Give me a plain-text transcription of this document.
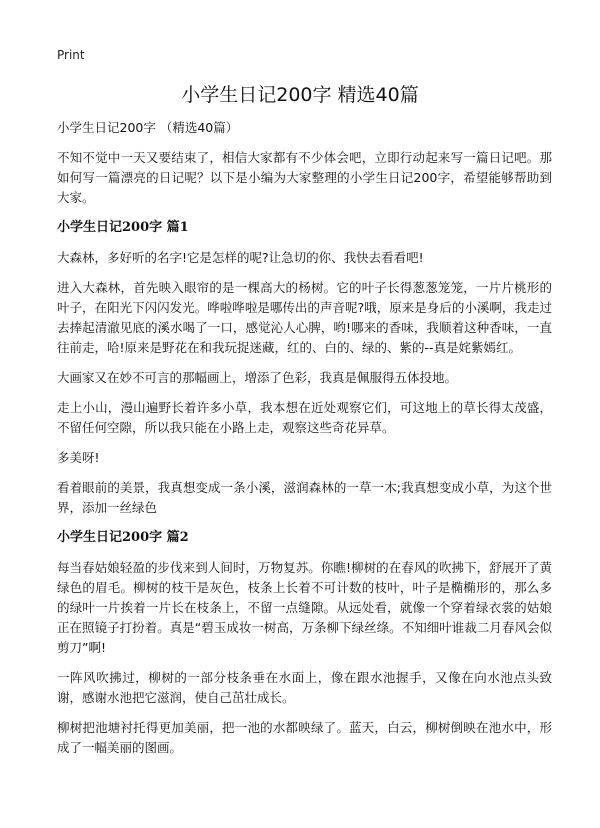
Print
小学生日记200字 精选40篇

小学生日记200字 （精选40篇）

不知不觉中一天又要结束了，相信大家都有不少体会吧，立即行动起来写一篇日记吧。那如何写一篇漂亮的日记呢？以下是小编为大家整理的小学生日记200字，希望能够帮助到大家。

小学生日记200字 篇1

大森林，多好听的名字!它是怎样的呢?让急切的你、我快去看看吧!

进入大森林，首先映入眼帘的是一棵高大的杨树。它的叶子长得葱葱笼笼，一片片桃形的叶子，在阳光下闪闪发光。哗啦哗啦是哪传出的声音呢?哦，原来是身后的小溪啊，我走过去捧起清澈见底的溪水喝了一口，感觉沁人心脾，哟!哪来的香味，我顺着这种香味，一直往前走，哈!原来是野花在和我玩捉迷藏，红的、白的、绿的、紫的--真是姹紫嫣红。

大画家又在妙不可言的那幅画上，增添了色彩，我真是佩服得五体投地。

走上小山，漫山遍野长着许多小草，我本想在近处观察它们，可这地上的草长得太茂盛，不留任何空隙，所以我只能在小路上走，观察这些奇花异草。

多美呀!

看着眼前的美景，我真想变成一条小溪，滋润森林的一草一木;我真想变成小草，为这个世界，添加一丝绿色

小学生日记200字 篇2

每当春姑娘轻盈的步伐来到人间时，万物复苏。你瞧!柳树的在春风的吹拂下，舒展开了黄绿色的眉毛。柳树的枝干是灰色，枝条上长着不可计数的枝叶，叶子是椭椭形的，那么多的绿叶一片挨着一片长在枝条上，不留一点缝隙。从远处看，就像一个穿着绿衣裳的姑娘正在照镜子打扮着。真是“碧玉成妆一树高，万条柳下绿丝绦。不知细叶谁裁二月春风会似剪刀”啊!

一阵风吹拂过，柳树的一部分枝条垂在水面上，像在跟水池握手，又像在向水池点头致谢，感谢水池把它滋润，使自己茁壮成长。

柳树把池塘衬托得更加美丽，把一池的水都映绿了。蓝天，白云，柳树倒映在池水中，形成了一幅美丽的图画。
